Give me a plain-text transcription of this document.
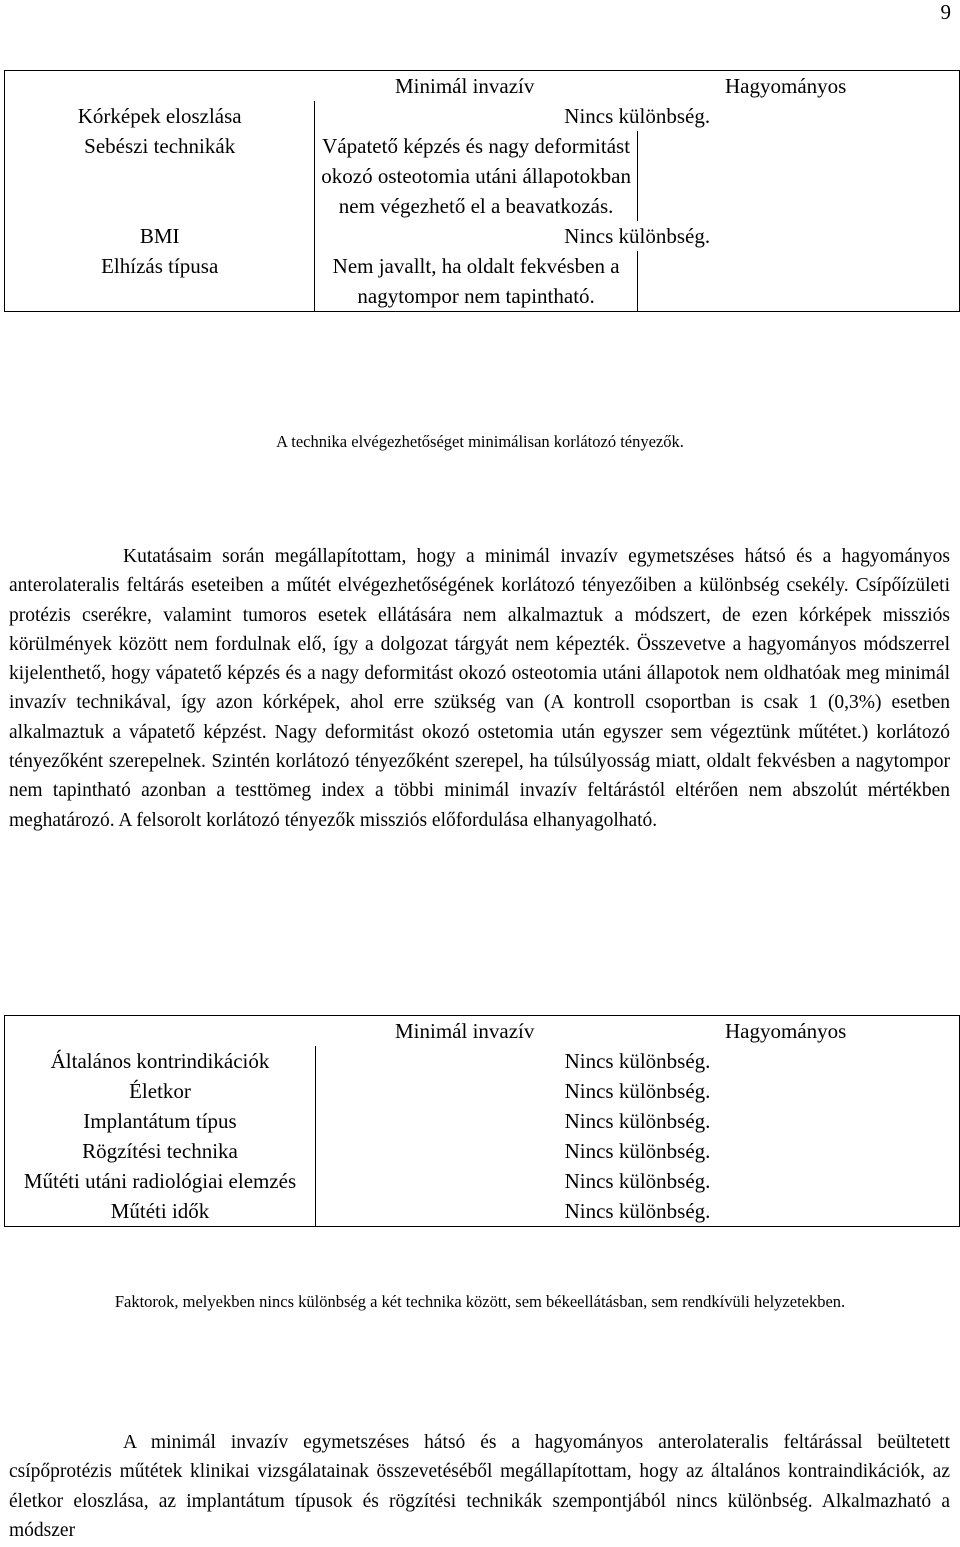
9
Minimál invazív Hagyományos		

Kórképek eloszlása	Nincs különbség.	
Sebészi technikák	Vápatető képzés és nagy deformitást okozó osteotomia utáni állapotokban nem végezhető el a beavatkozás.	
BMI	Nincs különbség.	
Elhízás típusa	Nem javallt, ha oldalt fekvésben a nagytompor nem tapintható.	
A technika elvégezhetőséget minimálisan korlátozó tényezők.

Kutatásaim során megállapítottam, hogy a minimál invazív egymetszéses hátsó és a hagyományos anterolateralis feltárás eseteiben a műtét elvégezhetőségének korlátozó tényezőiben a különbség csekély. Csípőízületi protézis cserékre, valamint tumoros esetek ellátására nem alkalmaztuk a módszert, de ezen kórképek missziós körülmények között nem fordulnak elő, így a dolgozat tárgyát nem képezték. Összevetve a hagyományos módszerrel kijelenthető, hogy vápatető képzés és a nagy deformitást okozó osteotomia utáni állapotok nem oldhatóak meg minimál invazív technikával, így azon kórképek, ahol erre szükség van (A kontroll csoportban is csak 1 (0,3%) esetben alkalmaztuk a vápatető képzést. Nagy deformitást okozó ostetomia után egyszer sem végeztünk műtétet.) korlátozó tényezőként szerepelnek. Szintén korlátozó tényezőként szerepel, ha túlsúlyosság miatt, oldalt fekvésben a nagytompor nem tapintható azonban a testtömeg index a többi minimál invazív feltárástól eltérően nem abszolút mértékben meghatározó. A felsorolt korlátozó tényezők missziós előfordulása elhanyagolható.

Minimál invazív Hagyományos	

Általános kontrindikációk	Nincs különbség.
Életkor	Nincs különbség.
Implantátum típus	Nincs különbség.
Rögzítési technika	Nincs különbség.
Műtéti utáni radiológiai elemzés	Nincs különbség.
Műtéti idők	Nincs különbség.
Faktorok, melyekben nincs különbség a két technika között, sem békeellátásban, sem rendkívüli helyzetekben.

A minimál invazív egymetszéses hátsó és a hagyományos anterolateralis feltárással beültetett csípőprotézis műtétek klinikai vizsgálatainak összevetéséből megállapítottam, hogy az általános kontraindikációk, az életkor eloszlása, az implantátum típusok és rögzítési technikák szempontjából nincs különbség. Alkalmazható a módszer
